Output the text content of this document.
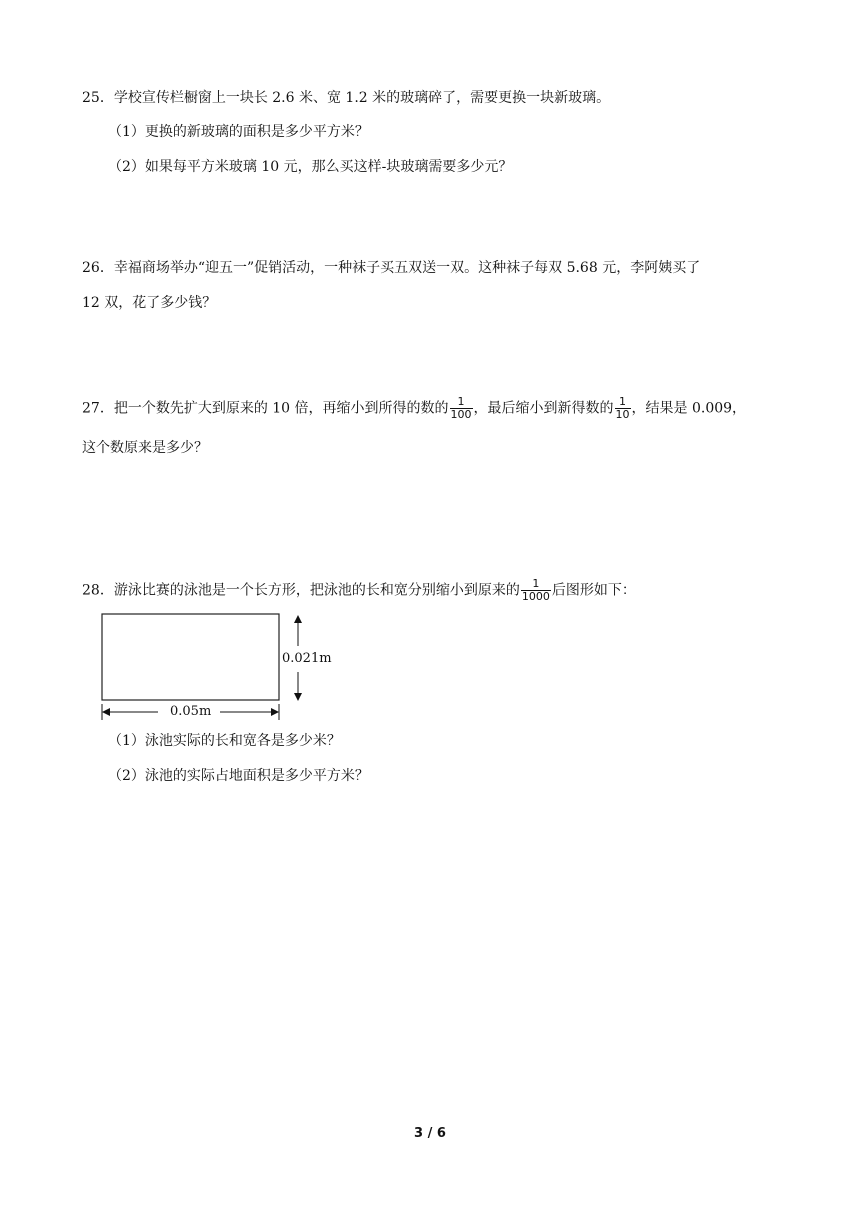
25．学校宣传栏橱窗上一块长 2.6 米、宽 1.2 米的玻璃碎了，需要更换一块新玻璃。
（1）更换的新玻璃的面积是多少平方米？
（2）如果每平方米玻璃 10 元，那么买这样-块玻璃需要多少元？
26．幸福商场举办“迎五一”促销活动，一种袜子买五双送一双。这种袜子每双 5.68 元，李阿姨买了
12 双，花了多少钱？
27．把一个数先扩大到原来的 10 倍，再缩小到所得的数的 $\frac{1}{100}$ ，最后缩小到新得数的 $\frac{1}{10}$ ，结果是 0.009，
这个数原来是多少？
28．游泳比赛的泳池是一个长方形，把泳池的长和宽分别缩小到原来的 $\frac{1}{1000}$ 后图形如下：
0.021m
0.05m
（1）泳池实际的长和宽各是多少米？
（2）泳池的实际占地面积是多少平方米？
3 / 6
